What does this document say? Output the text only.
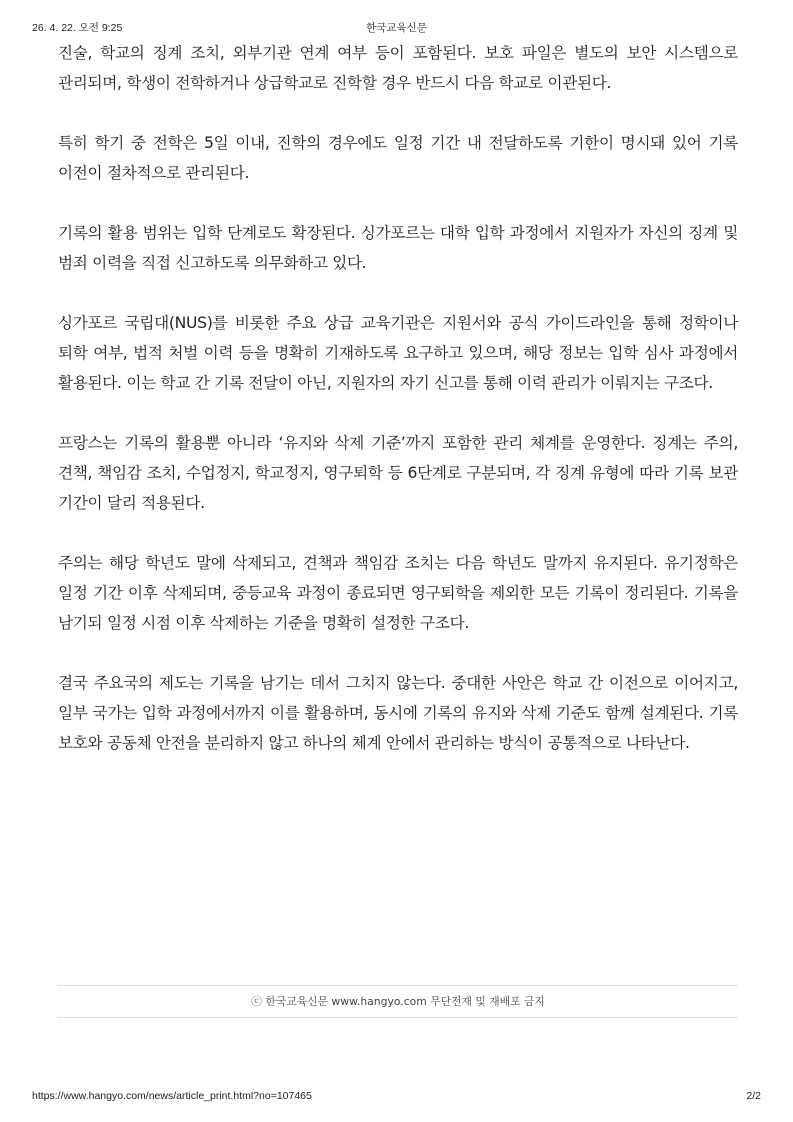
26. 4. 22. 오전 9:25	한국교육신문

진술, 학교의 징계 조치, 외부기관 연계 여부 등이 포함된다. 보호 파일은 별도의 보안 시스템으로 관리되며, 학생이 전학하거나 상급학교로 진학할 경우 반드시 다음 학교로 이관된다.

특히 학기 중 전학은 5일 이내, 진학의 경우에도 일정 기간 내 전달하도록 기한이 명시돼 있어 기록 이전이 절차적으로 관리된다.

기록의 활용 범위는 입학 단계로도 확장된다. 싱가포르는 대학 입학 과정에서 지원자가 자신의 징계 및 범죄 이력을 직접 신고하도록 의무화하고 있다.

싱가포르 국립대(NUS)를 비롯한 주요 상급 교육기관은 지원서와 공식 가이드라인을 통해 정학이나 퇴학 여부, 법적 처벌 이력 등을 명확히 기재하도록 요구하고 있으며, 해당 정보는 입학 심사 과정에서 활용된다. 이는 학교 간 기록 전달이 아닌, 지원자의 자기 신고를 통해 이력 관리가 이뤄지는 구조다.

프랑스는 기록의 활용뿐 아니라 ‘유지와 삭제 기준’까지 포함한 관리 체계를 운영한다. 징계는 주의, 견책, 책임감 조치, 수업정지, 학교정지, 영구퇴학 등 6단계로 구분되며, 각 징계 유형에 따라 기록 보관 기간이 달리 적용된다.

주의는 해당 학년도 말에 삭제되고, 견책과 책임감 조치는 다음 학년도 말까지 유지된다. 유기정학은 일정 기간 이후 삭제되며, 중등교육 과정이 종료되면 영구퇴학을 제외한 모든 기록이 정리된다. 기록을 남기되 일정 시점 이후 삭제하는 기준을 명확히 설정한 구조다.

결국 주요국의 제도는 기록을 남기는 데서 그치지 않는다. 중대한 사안은 학교 간 이전으로 이어지고, 일부 국가는 입학 과정에서까지 이를 활용하며, 동시에 기록의 유지와 삭제 기준도 함께 설계된다. 기록 보호와 공동체 안전을 분리하지 않고 하나의 체계 안에서 관리하는 방식이 공통적으로 나타난다.

ⓒ 한국교육신문 www.hangyo.com 무단전재 및 재배포 금지
https://www.hangyo.com/news/article_print.html?no=107465	2/2
